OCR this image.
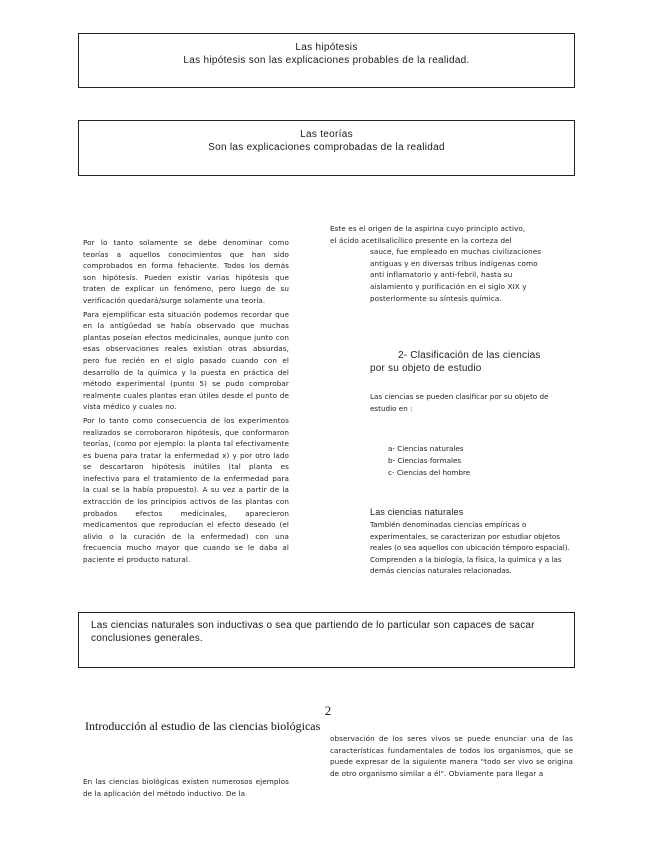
Las hipótesis
Las hipótesis son las explicaciones probables de la realidad.
Las teorías
Son las explicaciones comprobadas de la realidad

Por lo tanto solamente se debe denominar como teorías a aquellos conocimientos que han sido comprobados en forma fehaciente. Todos los demás son hipótesis. Pueden existir varias hipótesis que traten de explicar un fenómeno, pero luego de su verificación quedará/surge solamente una teoría.

Para ejemplificar esta situación podemos recordar que en la antigüedad se había observado que muchas plantas poseían efectos medicinales, aunque junto con esas observaciones reales existían otras absurdas, pero fue recién en el siglo pasado cuando con el desarrollo de la química y la puesta en práctica del método experimental (punto 5) se pudo comprobar realmente cuales plantas eran útiles desde el punto de vista médico y cuales no.

Por lo tanto como consecuencia de los experimentos realizados se corroboraron hipótesis, que conformaron teorías, (como por ejemplo: la planta tal efectivamente es buena para tratar la enfermedad x) y por otro lado se descartaron hipótesis inútiles (tal planta es inefectiva para el tratamiento de la enfermedad para la cual se la había propuesto). A su vez a partir de la extracción de los principios activos de las plantas con probados efectos medicinales, aparecieron medicamentos que reproducían el efecto deseado (el alivio o la curación de la enfermedad) con una frecuencia mucho mayor que cuando se le daba al paciente el producto natural.

Este es el origen de la aspirina cuyo principio activo,
el ácido acetilsalicílico presente en la corteza del
sauce, fue empleado en muchas civilizaciones antiguas y en diversas tribus indígenas como anti inflamatorio y anti-febril, hasta su aislamiento y purificación en el siglo XIX y posteriormente su síntesis química.
2- Clasificación de las ciencias
por su objeto de estudio
Las ciencias se pueden clasificar por su objeto de estudio en :
a- Ciencias naturales
b- Ciencias formales
c- Ciencias del hombre
Las ciencias naturales

También denominadas ciencias empíricas o experimentales, se caracterizan por estudiar objetos reales (o sea aquellos con ubicación témporo espacial).

Comprenden a la biología, la física, la química y a las demás ciencias naturales relacionadas.

Las ciencias naturales son inductivas o sea que partiendo de lo particular son capaces de sacar conclusiones generales.
2
Introducción al estudio de las ciencias biológicas

En las ciencias biológicas existen numerosos ejemplos de la aplicación del método inductivo. De la

observación de los seres vivos se puede enunciar una de las características fundamentales de todos los organismos, que se puede expresar de la siguiente manera "todo ser vivo se origina de otro organismo similar a él". Obviamente para llegar a
